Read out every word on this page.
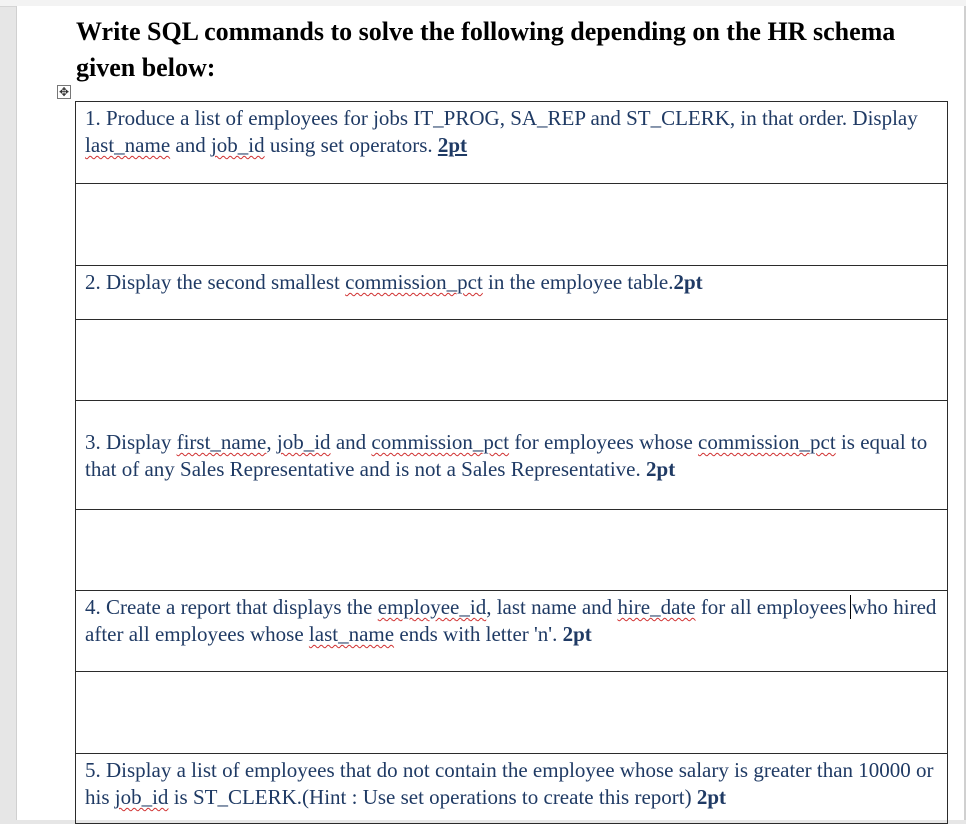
Write SQL commands to solve the following depending on the HR schema given below:
✥
1. Produce a list of employees for jobs IT_PROG, SA_REP and ST_CLERK, in that order. Display last_name and job_id using set operators. 2pt

2. Display the second smallest commission_pct in the employee table.2pt

3. Display first_name, job_id and commission_pct for employees whose commission_pct is equal to that of any Sales Representative and is not a Sales Representative. 2pt

4. Create a report that displays the employee_id, last name and hire_date for all employees who hired after all employees whose last_name ends with letter 'n'. 2pt

5. Display a list of employees that do not contain the employee whose salary is greater than 10000 or his job_id is ST_CLERK.(Hint : Use set operations to create this report) 2pt
